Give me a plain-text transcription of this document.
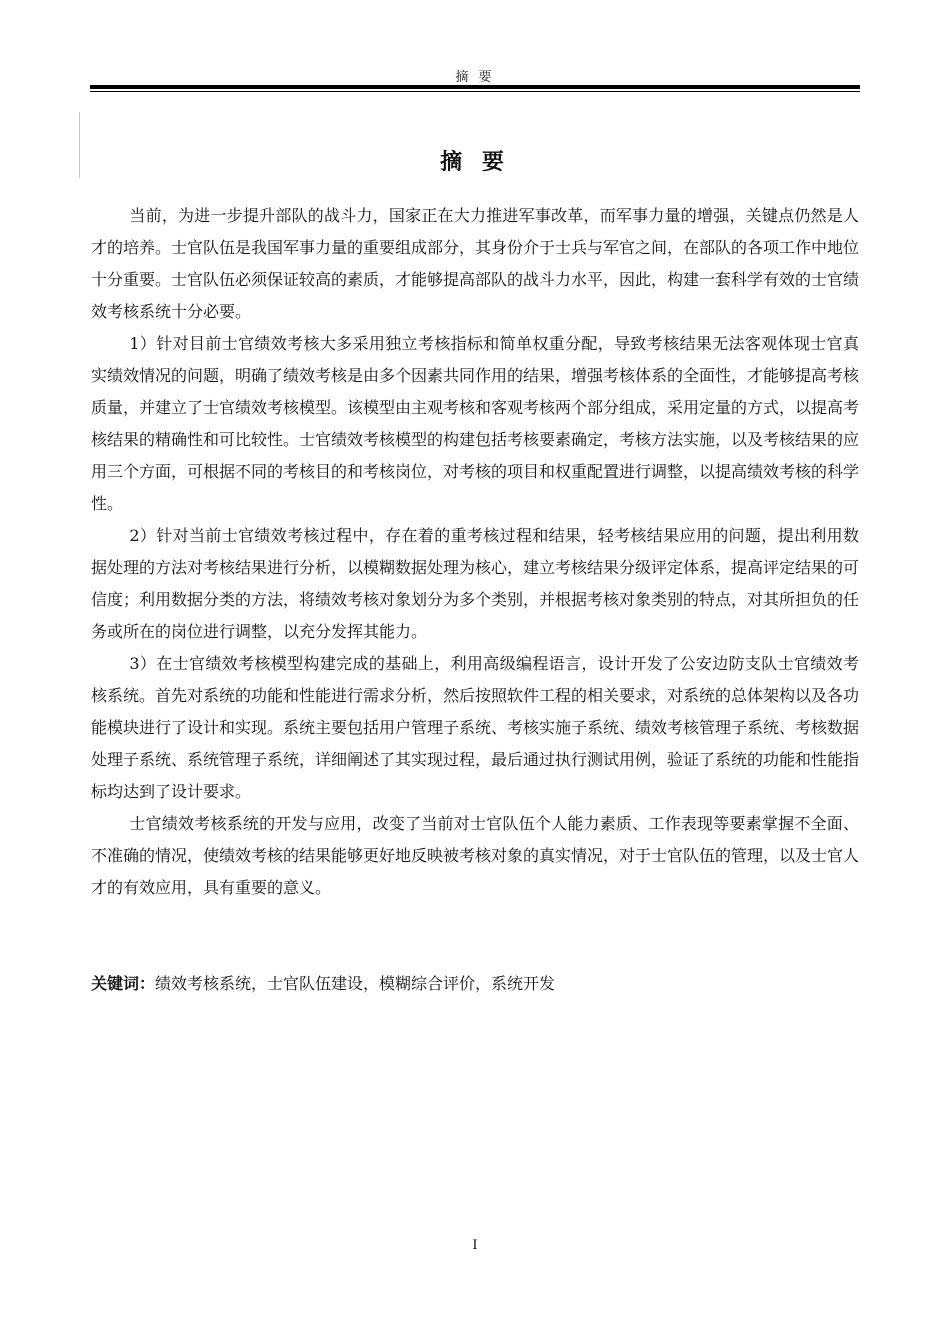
摘 要
摘 要

当前，为进一步提升部队的战斗力，国家正在大力推进军事改革，而军事力量的增强，关键点仍然是人才的培养。士官队伍是我国军事力量的重要组成部分，其身份介于士兵与军官之间，在部队的各项工作中地位十分重要。士官队伍必须保证较高的素质，才能够提高部队的战斗力水平，因此，构建一套科学有效的士官绩效考核系统十分必要。

1）针对目前士官绩效考核大多采用独立考核指标和简单权重分配，导致考核结果无法客观体现士官真实绩效情况的问题，明确了绩效考核是由多个因素共同作用的结果，增强考核体系的全面性，才能够提高考核质量，并建立了士官绩效考核模型。该模型由主观考核和客观考核两个部分组成，采用定量的方式，以提高考核结果的精确性和可比较性。士官绩效考核模型的构建包括考核要素确定，考核方法实施，以及考核结果的应用三个方面，可根据不同的考核目的和考核岗位，对考核的项目和权重配置进行调整，以提高绩效考核的科学性。

2）针对当前士官绩效考核过程中，存在着的重考核过程和结果，轻考核结果应用的问题，提出利用数据处理的方法对考核结果进行分析，以模糊数据处理为核心，建立考核结果分级评定体系，提高评定结果的可信度；利用数据分类的方法，将绩效考核对象划分为多个类别，并根据考核对象类别的特点，对其所担负的任务或所在的岗位进行调整，以充分发挥其能力。

3）在士官绩效考核模型构建完成的基础上，利用高级编程语言，设计开发了公安边防支队士官绩效考核系统。首先对系统的功能和性能进行需求分析，然后按照软件工程的相关要求，对系统的总体架构以及各功能模块进行了设计和实现。系统主要包括用户管理子系统、考核实施子系统、绩效考核管理子系统、考核数据处理子系统、系统管理子系统，详细阐述了其实现过程，最后通过执行测试用例，验证了系统的功能和性能指标均达到了设计要求。

士官绩效考核系统的开发与应用，改变了当前对士官队伍个人能力素质、工作表现等要素掌握不全面、不准确的情况，使绩效考核的结果能够更好地反映被考核对象的真实情况，对于士官队伍的管理，以及士官人才的有效应用，具有重要的意义。

关键词：绩效考核系统，士官队伍建设，模糊综合评价，系统开发
I
